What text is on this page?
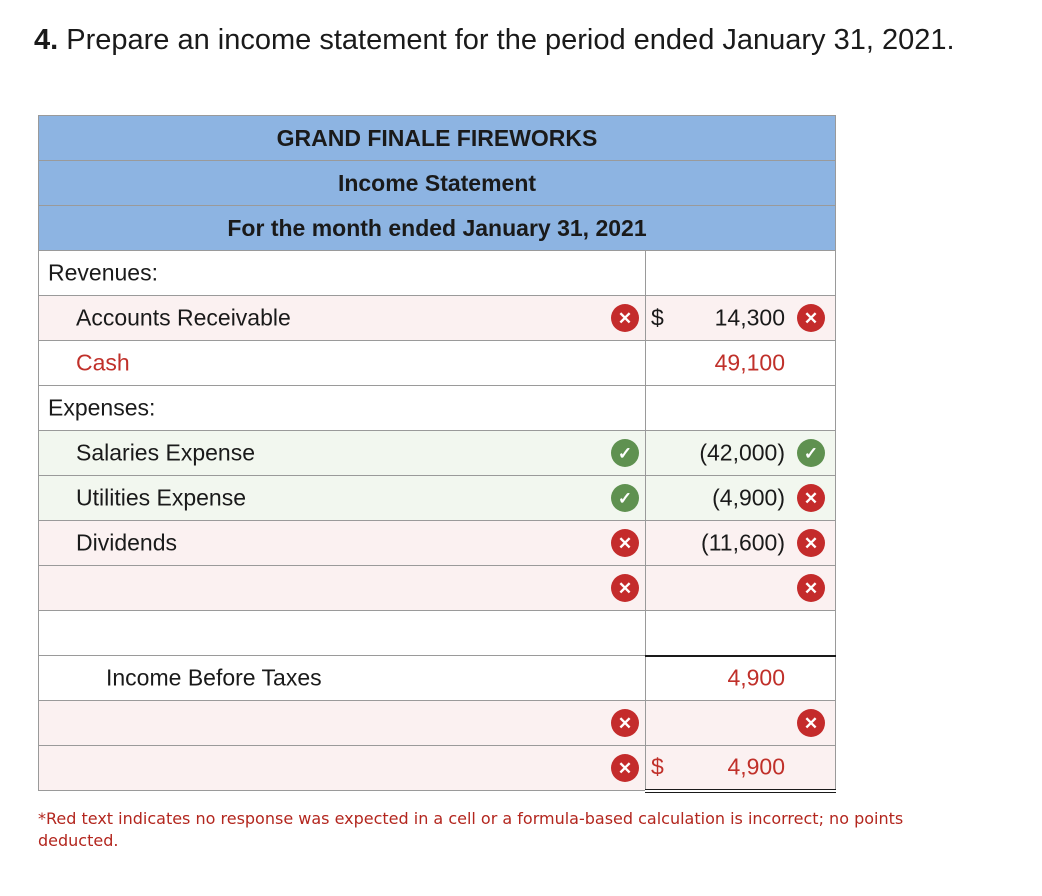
4. Prepare an income statement for the period ended January 31, 2021.
GRAND FINALE FIREWORKS	
Income Statement	
For the month ended January 31, 2021	

Revenues:	

Accounts Receivable ✕	$ 14,300 ✕

Cash	49,100

Expenses:	

Salaries Expense ✓	(42,000) ✓

Utilities Expense ✓	(4,900) ✕

Dividends ✕	(11,600) ✕

✕	✕

Income Before Taxes	4,900

✕	✕

✕	$ 4,900
*Red text indicates no response was expected in a cell or a formula-based calculation is incorrect; no points deducted.
